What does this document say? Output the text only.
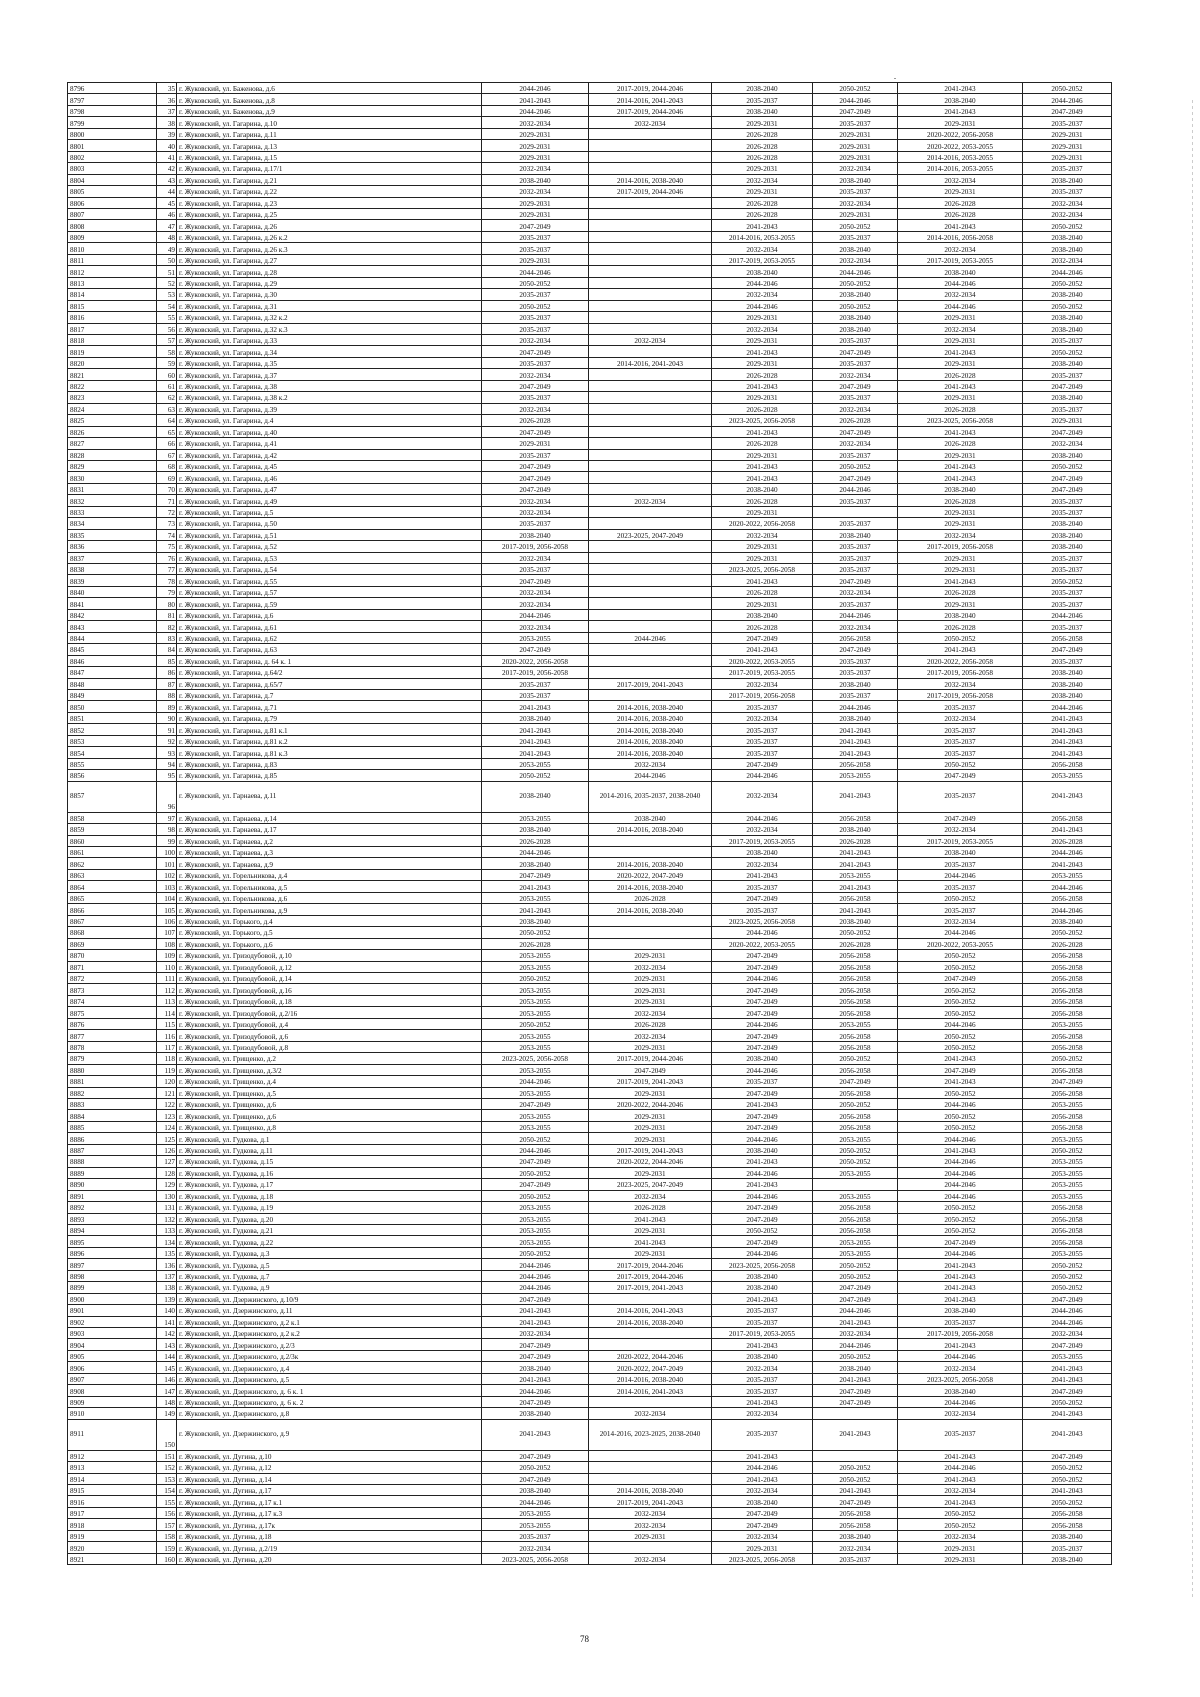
8796	35	г. Жуковский, ул. Баженова, д.6	2044-2046	2017-2019, 2044-2046	2038-2040	2050-2052	2041-2043	2050-2052
8797	36	г. Жуковский, ул. Баженова, д.8	2041-2043	2014-2016, 2041-2043	2035-2037	2044-2046	2038-2040	2044-2046
8798	37	г. Жуковский, ул. Баженова, д.9	2044-2046	2017-2019, 2044-2046	2038-2040	2047-2049	2041-2043	2047-2049
8799	38	г. Жуковский, ул. Гагарина, д.10	2032-2034	2032-2034	2029-2031	2035-2037	2029-2031	2035-2037
8800	39	г. Жуковский, ул. Гагарина, д.11	2029-2031		2026-2028	2029-2031	2020-2022, 2056-2058	2029-2031
8801	40	г. Жуковский, ул. Гагарина, д.13	2029-2031		2026-2028	2029-2031	2020-2022, 2053-2055	2029-2031
8802	41	г. Жуковский, ул. Гагарина, д.15	2029-2031		2026-2028	2029-2031	2014-2016, 2053-2055	2029-2031
8803	42	г. Жуковский, ул. Гагарина, д.17/1	2032-2034		2029-2031	2032-2034	2014-2016, 2053-2055	2035-2037
8804	43	г. Жуковский, ул. Гагарина, д.21	2038-2040	2014-2016, 2038-2040	2032-2034	2038-2040	2032-2034	2038-2040
8805	44	г. Жуковский, ул. Гагарина, д.22	2032-2034	2017-2019, 2044-2046	2029-2031	2035-2037	2029-2031	2035-2037
8806	45	г. Жуковский, ул. Гагарина, д.23	2029-2031		2026-2028	2032-2034	2026-2028	2032-2034
8807	46	г. Жуковский, ул. Гагарина, д.25	2029-2031		2026-2028	2029-2031	2026-2028	2032-2034
8808	47	г. Жуковский, ул. Гагарина, д.26	2047-2049		2041-2043	2050-2052	2041-2043	2050-2052
8809	48	г. Жуковский, ул. Гагарина, д.26 к.2	2035-2037		2014-2016, 2053-2055	2035-2037	2014-2016, 2056-2058	2038-2040
8810	49	г. Жуковский, ул. Гагарина, д.26 к.3	2035-2037		2032-2034	2038-2040	2032-2034	2038-2040
8811	50	г. Жуковский, ул. Гагарина, д.27	2029-2031		2017-2019, 2053-2055	2032-2034	2017-2019, 2053-2055	2032-2034
8812	51	г. Жуковский, ул. Гагарина, д.28	2044-2046		2038-2040	2044-2046	2038-2040	2044-2046
8813	52	г. Жуковский, ул. Гагарина, д.29	2050-2052		2044-2046	2050-2052	2044-2046	2050-2052
8814	53	г. Жуковский, ул. Гагарина, д.30	2035-2037		2032-2034	2038-2040	2032-2034	2038-2040
8815	54	г. Жуковский, ул. Гагарина, д.31	2050-2052		2044-2046	2050-2052	2044-2046	2050-2052
8816	55	г. Жуковский, ул. Гагарина, д.32 к.2	2035-2037		2029-2031	2038-2040	2029-2031	2038-2040
8817	56	г. Жуковский, ул. Гагарина, д.32 к.3	2035-2037		2032-2034	2038-2040	2032-2034	2038-2040
8818	57	г. Жуковский, ул. Гагарина, д.33	2032-2034	2032-2034	2029-2031	2035-2037	2029-2031	2035-2037
8819	58	г. Жуковский, ул. Гагарина, д.34	2047-2049		2041-2043	2047-2049	2041-2043	2050-2052
8820	59	г. Жуковский, ул. Гагарина, д.35	2035-2037	2014-2016, 2041-2043	2029-2031	2035-2037	2029-2031	2038-2040
8821	60	г. Жуковский, ул. Гагарина, д.37	2032-2034		2026-2028	2032-2034	2026-2028	2035-2037
8822	61	г. Жуковский, ул. Гагарина, д.38	2047-2049		2041-2043	2047-2049	2041-2043	2047-2049
8823	62	г. Жуковский, ул. Гагарина, д.38 к.2	2035-2037		2029-2031	2035-2037	2029-2031	2038-2040
8824	63	г. Жуковский, ул. Гагарина, д.39	2032-2034		2026-2028	2032-2034	2026-2028	2035-2037
8825	64	г. Жуковский, ул. Гагарина, д.4	2026-2028		2023-2025, 2056-2058	2026-2028	2023-2025, 2056-2058	2029-2031
8826	65	г. Жуковский, ул. Гагарина, д.40	2047-2049		2041-2043	2047-2049	2041-2043	2047-2049
8827	66	г. Жуковский, ул. Гагарина, д.41	2029-2031		2026-2028	2032-2034	2026-2028	2032-2034
8828	67	г. Жуковский, ул. Гагарина, д.42	2035-2037		2029-2031	2035-2037	2029-2031	2038-2040
8829	68	г. Жуковский, ул. Гагарина, д.45	2047-2049		2041-2043	2050-2052	2041-2043	2050-2052
8830	69	г. Жуковский, ул. Гагарина, д.46	2047-2049		2041-2043	2047-2049	2041-2043	2047-2049
8831	70	г. Жуковский, ул. Гагарина, д.47	2047-2049		2038-2040	2044-2046	2038-2040	2047-2049
8832	71	г. Жуковский, ул. Гагарина, д.49	2032-2034	2032-2034	2026-2028	2035-2037	2026-2028	2035-2037
8833	72	г. Жуковский, ул. Гагарина, д.5	2032-2034		2029-2031		2029-2031	2035-2037
8834	73	г. Жуковский, ул. Гагарина, д.50	2035-2037		2020-2022, 2056-2058	2035-2037	2029-2031	2038-2040
8835	74	г. Жуковский, ул. Гагарина, д.51	2038-2040	2023-2025, 2047-2049	2032-2034	2038-2040	2032-2034	2038-2040
8836	75	г. Жуковский, ул. Гагарина, д.52	2017-2019, 2056-2058		2029-2031	2035-2037	2017-2019, 2056-2058	2038-2040
8837	76	г. Жуковский, ул. Гагарина, д.53	2032-2034		2029-2031	2035-2037	2029-2031	2035-2037
8838	77	г. Жуковский, ул. Гагарина, д.54	2035-2037		2023-2025, 2056-2058	2035-2037	2029-2031	2035-2037
8839	78	г. Жуковский, ул. Гагарина, д.55	2047-2049		2041-2043	2047-2049	2041-2043	2050-2052
8840	79	г. Жуковский, ул. Гагарина, д.57	2032-2034		2026-2028	2032-2034	2026-2028	2035-2037
8841	80	г. Жуковский, ул. Гагарина, д.59	2032-2034		2029-2031	2035-2037	2029-2031	2035-2037
8842	81	г. Жуковский, ул. Гагарина, д.6	2044-2046		2038-2040	2044-2046	2038-2040	2044-2046
8843	82	г. Жуковский, ул. Гагарина, д.61	2032-2034		2026-2028	2032-2034	2026-2028	2035-2037
8844	83	г. Жуковский, ул. Гагарина, д.62	2053-2055	2044-2046	2047-2049	2056-2058	2050-2052	2056-2058
8845	84	г. Жуковский, ул. Гагарина, д.63	2047-2049		2041-2043	2047-2049	2041-2043	2047-2049
8846	85	г. Жуковский, ул. Гагарина, д. 64 к. 1	2020-2022, 2056-2058		2020-2022, 2053-2055	2035-2037	2020-2022, 2056-2058	2035-2037
8847	86	г. Жуковский, ул. Гагарина, д.64/2	2017-2019, 2056-2058		2017-2019, 2053-2055	2035-2037	2017-2019, 2056-2058	2038-2040
8848	87	г. Жуковский, ул. Гагарина, д.65/7	2035-2037	2017-2019, 2041-2043	2032-2034	2038-2040	2032-2034	2038-2040
8849	88	г. Жуковский, ул. Гагарина, д.7	2035-2037		2017-2019, 2056-2058	2035-2037	2017-2019, 2056-2058	2038-2040
8850	89	г. Жуковский, ул. Гагарина, д.71	2041-2043	2014-2016, 2038-2040	2035-2037	2044-2046	2035-2037	2044-2046
8851	90	г. Жуковский, ул. Гагарина, д.79	2038-2040	2014-2016, 2038-2040	2032-2034	2038-2040	2032-2034	2041-2043
8852	91	г. Жуковский, ул. Гагарина, д.81 к.1	2041-2043	2014-2016, 2038-2040	2035-2037	2041-2043	2035-2037	2041-2043
8853	92	г. Жуковский, ул. Гагарина, д.81 к.2	2041-2043	2014-2016, 2038-2040	2035-2037	2041-2043	2035-2037	2041-2043
8854	93	г. Жуковский, ул. Гагарина, д.81 к.3	2041-2043	2014-2016, 2038-2040	2035-2037	2041-2043	2035-2037	2041-2043
8855	94	г. Жуковский, ул. Гагарина, д.83	2053-2055	2032-2034	2047-2049	2056-2058	2050-2052	2056-2058
8856	95	г. Жуковский, ул. Гагарина, д.85	2050-2052	2044-2046	2044-2046	2053-2055	2047-2049	2053-2055
8857	96	г. Жуковский, ул. Гарнаева, д.11	2038-2040	2014-2016, 2035-2037, 2038-2040	2032-2034	2041-2043	2035-2037	2041-2043
8858	97	г. Жуковский, ул. Гарнаева, д.14	2053-2055	2038-2040	2044-2046	2056-2058	2047-2049	2056-2058
8859	98	г. Жуковский, ул. Гарнаева, д.17	2038-2040	2014-2016, 2038-2040	2032-2034	2038-2040	2032-2034	2041-2043
8860	99	г. Жуковский, ул. Гарнаева, д.2	2026-2028		2017-2019, 2053-2055	2026-2028	2017-2019, 2053-2055	2026-2028
8861	100	г. Жуковский, ул. Гарнаева, д.3	2044-2046		2038-2040	2041-2043	2038-2040	2044-2046
8862	101	г. Жуковский, ул. Гарнаева, д.9	2038-2040	2014-2016, 2038-2040	2032-2034	2041-2043	2035-2037	2041-2043
8863	102	г. Жуковский, ул. Горельникова, д.4	2047-2049	2020-2022, 2047-2049	2041-2043	2053-2055	2044-2046	2053-2055
8864	103	г. Жуковский, ул. Горельникова, д.5	2041-2043	2014-2016, 2038-2040	2035-2037	2041-2043	2035-2037	2044-2046
8865	104	г. Жуковский, ул. Горельникова, д.6	2053-2055	2026-2028	2047-2049	2056-2058	2050-2052	2056-2058
8866	105	г. Жуковский, ул. Горельникова, д.9	2041-2043	2014-2016, 2038-2040	2035-2037	2041-2043	2035-2037	2044-2046
8867	106	г. Жуковский, ул. Горького, д.4	2038-2040		2023-2025, 2056-2058	2038-2040	2032-2034	2038-2040
8868	107	г. Жуковский, ул. Горького, д.5	2050-2052		2044-2046	2050-2052	2044-2046	2050-2052
8869	108	г. Жуковский, ул. Горького, д.6	2026-2028		2020-2022, 2053-2055	2026-2028	2020-2022, 2053-2055	2026-2028
8870	109	г. Жуковский, ул. Гризодубовой, д.10	2053-2055	2029-2031	2047-2049	2056-2058	2050-2052	2056-2058
8871	110	г. Жуковский, ул. Гризодубовой, д.12	2053-2055	2032-2034	2047-2049	2056-2058	2050-2052	2056-2058
8872	111	г. Жуковский, ул. Гризодубовой, д.14	2050-2052	2029-2031	2044-2046	2056-2058	2047-2049	2056-2058
8873	112	г. Жуковский, ул. Гризодубовой, д.16	2053-2055	2029-2031	2047-2049	2056-2058	2050-2052	2056-2058
8874	113	г. Жуковский, ул. Гризодубовой, д.18	2053-2055	2029-2031	2047-2049	2056-2058	2050-2052	2056-2058
8875	114	г. Жуковский, ул. Гризодубовой, д.2/16	2053-2055	2032-2034	2047-2049	2056-2058	2050-2052	2056-2058
8876	115	г. Жуковский, ул. Гризодубовой, д.4	2050-2052	2026-2028	2044-2046	2053-2055	2044-2046	2053-2055
8877	116	г. Жуковский, ул. Гризодубовой, д.6	2053-2055	2032-2034	2047-2049	2056-2058	2050-2052	2056-2058
8878	117	г. Жуковский, ул. Гризодубовой, д.8	2053-2055	2029-2031	2047-2049	2056-2058	2050-2052	2056-2058
8879	118	г. Жуковский, ул. Грищенко, д.2	2023-2025, 2056-2058	2017-2019, 2044-2046	2038-2040	2050-2052	2041-2043	2050-2052
8880	119	г. Жуковский, ул. Грищенко, д.3/2	2053-2055	2047-2049	2044-2046	2056-2058	2047-2049	2056-2058
8881	120	г. Жуковский, ул. Грищенко, д.4	2044-2046	2017-2019, 2041-2043	2035-2037	2047-2049	2041-2043	2047-2049
8882	121	г. Жуковский, ул. Грищенко, д.5	2053-2055	2029-2031	2047-2049	2056-2058	2050-2052	2056-2058
8883	122	г. Жуковский, ул. Грищенко, д.6	2047-2049	2020-2022, 2044-2046	2041-2043	2050-2052	2044-2046	2053-2055
8884	123	г. Жуковский, ул. Грищенко, д.6	2053-2055	2029-2031	2047-2049	2056-2058	2050-2052	2056-2058
8885	124	г. Жуковский, ул. Грищенко, д.8	2053-2055	2029-2031	2047-2049	2056-2058	2050-2052	2056-2058
8886	125	г. Жуковский, ул. Гудкова, д.1	2050-2052	2029-2031	2044-2046	2053-2055	2044-2046	2053-2055
8887	126	г. Жуковский, ул. Гудкова, д.11	2044-2046	2017-2019, 2041-2043	2038-2040	2050-2052	2041-2043	2050-2052
8888	127	г. Жуковский, ул. Гудкова, д.15	2047-2049	2020-2022, 2044-2046	2041-2043	2050-2052	2044-2046	2053-2055
8889	128	г. Жуковский, ул. Гудкова, д.16	2050-2052	2029-2031	2044-2046	2053-2055	2044-2046	2053-2055
8890	129	г. Жуковский, ул. Гудкова, д.17	2047-2049	2023-2025, 2047-2049	2041-2043		2044-2046	2053-2055
8891	130	г. Жуковский, ул. Гудкова, д.18	2050-2052	2032-2034	2044-2046	2053-2055	2044-2046	2053-2055
8892	131	г. Жуковский, ул. Гудкова, д.19	2053-2055	2026-2028	2047-2049	2056-2058	2050-2052	2056-2058
8893	132	г. Жуковский, ул. Гудкова, д.20	2053-2055	2041-2043	2047-2049	2056-2058	2050-2052	2056-2058
8894	133	г. Жуковский, ул. Гудкова, д.21	2053-2055	2029-2031	2050-2052	2056-2058	2050-2052	2056-2058
8895	134	г. Жуковский, ул. Гудкова, д.22	2053-2055	2041-2043	2047-2049	2053-2055	2047-2049	2056-2058
8896	135	г. Жуковский, ул. Гудкова, д.3	2050-2052	2029-2031	2044-2046	2053-2055	2044-2046	2053-2055
8897	136	г. Жуковский, ул. Гудкова, д.5	2044-2046	2017-2019, 2044-2046	2023-2025, 2056-2058	2050-2052	2041-2043	2050-2052
8898	137	г. Жуковский, ул. Гудкова, д.7	2044-2046	2017-2019, 2044-2046	2038-2040	2050-2052	2041-2043	2050-2052
8899	138	г. Жуковский, ул. Гудкова, д.9	2044-2046	2017-2019, 2041-2043	2038-2040	2047-2049	2041-2043	2050-2052
8900	139	г. Жуковский, ул. Дзержинского, д.10/9	2047-2049		2041-2043	2047-2049	2041-2043	2047-2049
8901	140	г. Жуковский, ул. Дзержинского, д.11	2041-2043	2014-2016, 2041-2043	2035-2037	2044-2046	2038-2040	2044-2046
8902	141	г. Жуковский, ул. Дзержинского, д.2 к.1	2041-2043	2014-2016, 2038-2040	2035-2037	2041-2043	2035-2037	2044-2046
8903	142	г. Жуковский, ул. Дзержинского, д.2 к.2	2032-2034		2017-2019, 2053-2055	2032-2034	2017-2019, 2056-2058	2032-2034
8904	143	г. Жуковский, ул. Дзержинского, д.2/3	2047-2049		2041-2043	2044-2046	2041-2043	2047-2049
8905	144	г. Жуковский, ул. Дзержинского, д.2/3к	2047-2049	2020-2022, 2044-2046	2038-2040	2050-2052	2044-2046	2053-2055
8906	145	г. Жуковский, ул. Дзержинского, д.4	2038-2040	2020-2022, 2047-2049	2032-2034	2038-2040	2032-2034	2041-2043
8907	146	г. Жуковский, ул. Дзержинского, д.5	2041-2043	2014-2016, 2038-2040	2035-2037	2041-2043	2023-2025, 2056-2058	2041-2043
8908	147	г. Жуковский, ул. Дзержинского, д. 6 к. 1	2044-2046	2014-2016, 2041-2043	2035-2037	2047-2049	2038-2040	2047-2049
8909	148	г. Жуковский, ул. Дзержинского, д. 6 к. 2	2047-2049		2041-2043	2047-2049	2044-2046	2050-2052
8910	149	г. Жуковский, ул. Дзержинского, д.8	2038-2040	2032-2034	2032-2034		2032-2034	2041-2043
8911	150	г. Жуковский, ул. Дзержинского, д.9	2041-2043	2014-2016, 2023-2025, 2038-2040	2035-2037	2041-2043	2035-2037	2041-2043
8912	151	г. Жуковский, ул. Дугина, д.10	2047-2049		2041-2043		2041-2043	2047-2049
8913	152	г. Жуковский, ул. Дугина, д.12	2050-2052		2044-2046	2050-2052	2044-2046	2050-2052
8914	153	г. Жуковский, ул. Дугина, д.14	2047-2049		2041-2043	2050-2052	2041-2043	2050-2052
8915	154	г. Жуковский, ул. Дугина, д.17	2038-2040	2014-2016, 2038-2040	2032-2034	2041-2043	2032-2034	2041-2043
8916	155	г. Жуковский, ул. Дугина, д.17 к.1	2044-2046	2017-2019, 2041-2043	2038-2040	2047-2049	2041-2043	2050-2052
8917	156	г. Жуковский, ул. Дугина, д.17 к.3	2053-2055	2032-2034	2047-2049	2056-2058	2050-2052	2056-2058
8918	157	г. Жуковский, ул. Дугина, д.17к	2053-2055	2032-2034	2047-2049	2056-2058	2050-2052	2056-2058
8919	158	г. Жуковский, ул. Дугина, д.18	2035-2037	2029-2031	2032-2034	2038-2040	2032-2034	2038-2040
8920	159	г. Жуковский, ул. Дугина, д.2/19	2032-2034		2029-2031	2032-2034	2029-2031	2035-2037
8921	160	г. Жуковский, ул. Дугина, д.20	2023-2025, 2056-2058	2032-2034	2023-2025, 2056-2058	2035-2037	2029-2031	2038-2040
78
